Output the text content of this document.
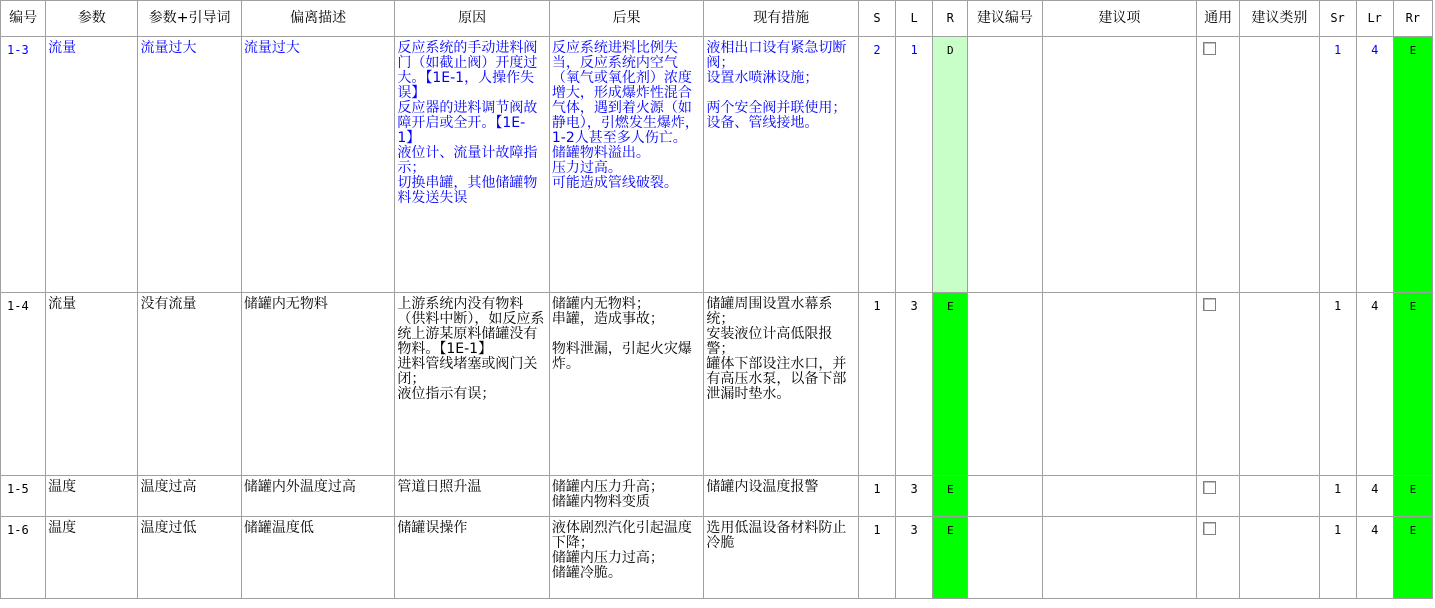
编号	参数	参数+引导词	偏离描述	原因	后果	现有措施	S	L	R	建议编号	建议项	通用	建议类别	Sr	Lr	Rr
1-3	流量	流量过大	流量过大	反应系统的手动进料阀门（如截止阀）开度过大。【1E-1，人操作失误】
反应器的进料调节阀故障开启或全开。【1E-1】
液位计、流量计故障指示；
切换串罐，其他储罐物料发送失误	反应系统进料比例失当，反应系统内空气（氧气或氧化剂）浓度增大，形成爆炸性混合气体，遇到着火源（如静电），引燃发生爆炸，1-2人甚至多人伤亡。
储罐物料溢出。
压力过高。
可能造成管线破裂。	液相出口设有紧急切断阀；
设置水喷淋设施；

两个安全阀并联使用；
设备、管线接地。	2	1	D					1	4	E
1-4	流量	没有流量	储罐内无物料	上游系统内没有物料（供料中断），如反应系统上游某原料储罐没有物料。【1E-1】
进料管线堵塞或阀门关闭；
液位指示有误；	储罐内无物料；
串罐，造成事故；

物料泄漏，引起火灾爆炸。	储罐周围设置水幕系统；
安装液位计高低限报警；
罐体下部设注水口，并有高压水泵，以备下部泄漏时垫水。	1	3	E					1	4	E
1-5	温度	温度过高	储罐内外温度过高	管道日照升温	储罐内压力升高；
储罐内物料变质	储罐内设温度报警	1	3	E					1	4	E
1-6	温度	温度过低	储罐温度低	储罐误操作	液体剧烈汽化引起温度下降；
储罐内压力过高；
储罐冷脆。	选用低温设备材料防止冷脆	1	3	E					1	4	E
